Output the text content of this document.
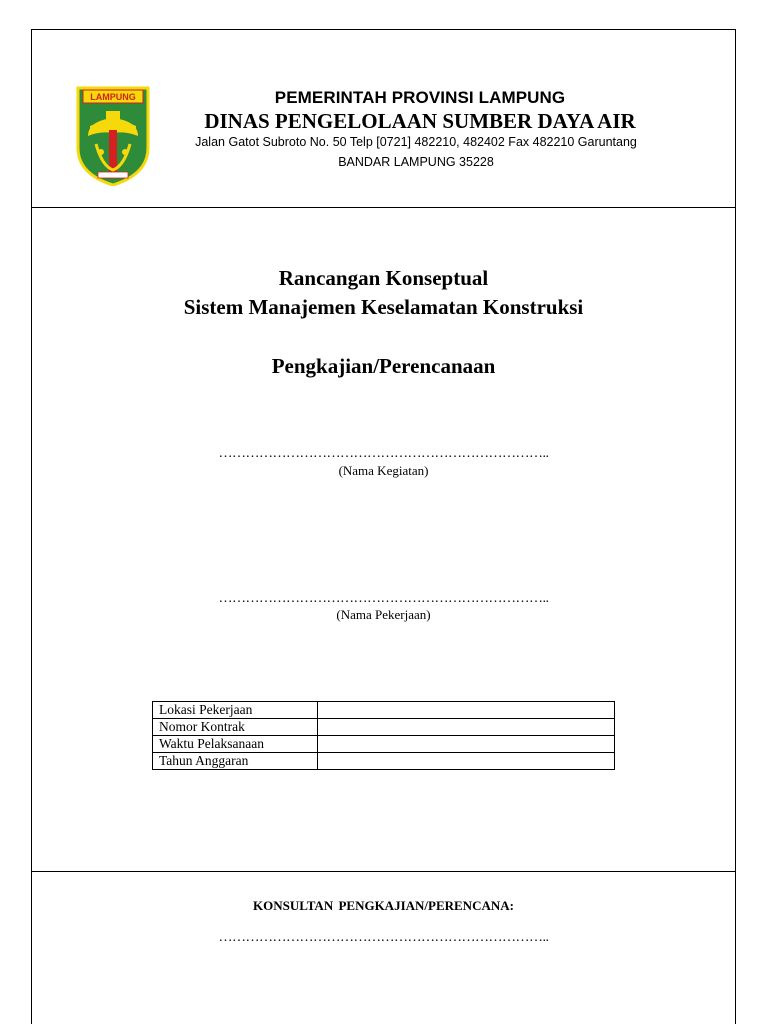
LAMPUNG	PEMERINTAH PROVINSI LAMPUNG
DINAS PENGELOLAAN SUMBER DAYA AIR
Jalan Gatot Subroto No. 50 Telp [0721] 482210, 482402 Fax 482210 Garuntang
BANDAR LAMPUNG 35228
Rancangan Konseptual
Sistem Manajemen Keselamatan Konstruksi
Pengkajian/Perencanaan
………………………………………………………………..
(Nama Kegiatan)
………………………………………………………………..
(Nama Pekerjaan)
Lokasi Pekerjaan	
Nomor Kontrak	
Waktu Pelaksanaan	
Tahun Anggaran	
KONSULTAN PENGKAJIAN/PERENCANA:
………………………………………………………………..
